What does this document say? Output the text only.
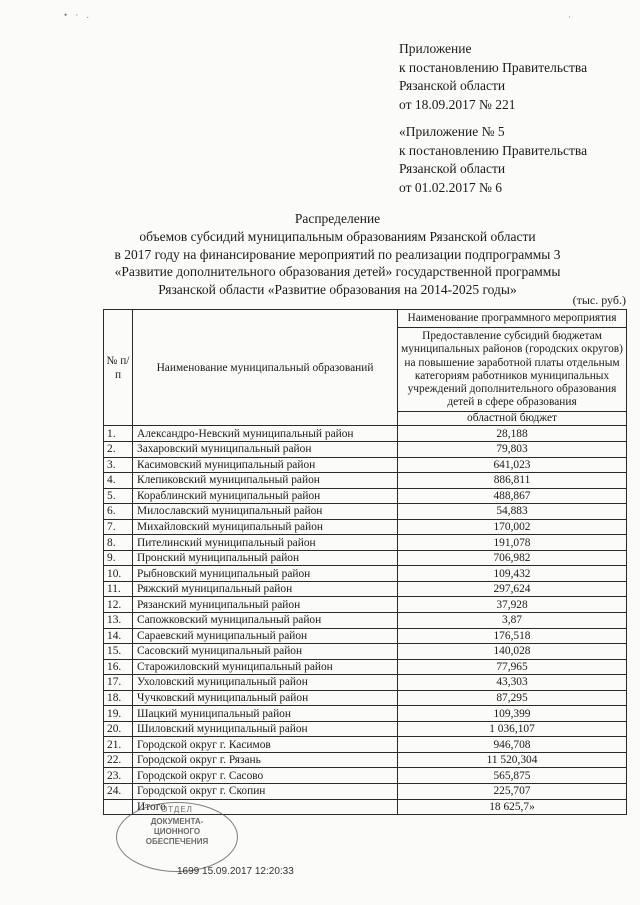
• · .	·
Приложение
к постановлению Правительства
Рязанской области
от 18.09.2017 № 221
«Приложение № 5
к постановлению Правительства
Рязанской области
от 01.02.2017 № 6
Распределение
объемов субсидий муниципальным образованиям Рязанской области
в 2017 году на финансирование мероприятий по реализации подпрограммы 3
«Развитие дополнительного образования детей» государственной программы
Рязанской области «Развитие образования на 2014-2025 годы»
(тыс. руб.)
№ п/п	Наименование муниципальный образований	Наименование программного мероприятия
		Предоставление субсидий бюджетам муниципальных районов (городских округов) на повышение заработной платы отдельным категориям работников муниципальных учреждений дополнительного образования детей в сфере образования
		областной бюджет
1.	Александро-Невский муниципальный район	28,188
2.	Захаровский муниципальный район	79,803
3.	Касимовский муниципальный район	641,023
4.	Клепиковский муниципальный район	886,811
5.	Кораблинский муниципальный район	488,867
6.	Милославский муниципальный район	54,883
7.	Михайловский муниципальный район	170,002
8.	Пителинский муниципальный район	191,078
9.	Пронский муниципальный район	706,982
10.	Рыбновский муниципальный район	109,432
11.	Ряжский муниципальный район	297,624
12.	Рязанский муниципальный район	37,928
13.	Сапожковский муниципальный район	3,87
14.	Сараевский муниципальный район	176,518
15.	Сасовский муниципальный район	140,028
16.	Старожиловский муниципальный район	77,965
17.	Ухоловский муниципальный район	43,303
18.	Чучковский муниципальный район	87,295
19.	Шацкий муниципальный район	109,399
20.	Шиловский муниципальный район	1 036,107
21.	Городской округ г. Касимов	946,708
22.	Городской округ г. Рязань	11 520,304
23.	Городской округ г. Сасово	565,875
24.	Городской округ г. Скопин	225,707
	Итого	18 625,7»
ОТДЕЛ
ДОКУМЕНТА- ЦИОННОГО ОБЕСПЕЧЕНИЯ
1699 15.09.2017 12:20:33
